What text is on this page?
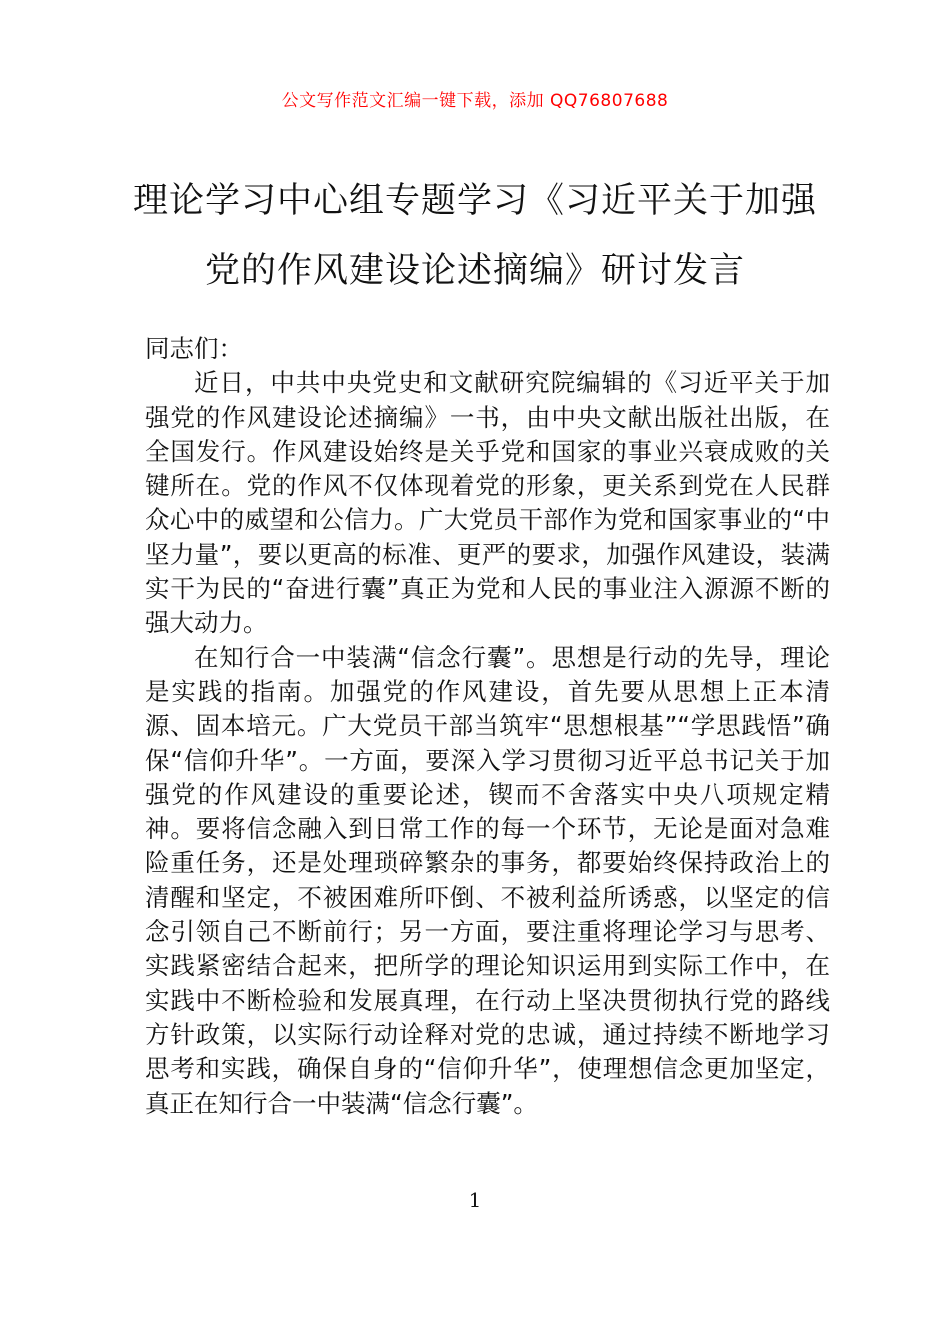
公文写作范文汇编一键下载，添加 QQ76807688
理论学习中心组专题学习《习近平关于加强党的作风建设论述摘编》研讨发言

同志们：

近日，中共中央党史和文献研究院编辑的《习近平关于加强党的作风建设论述摘编》一书，由中央文献出版社出版，在全国发行。作风建设始终是关乎党和国家的事业兴衰成败的关键所在。党的作风不仅体现着党的形象，更关系到党在人民群众心中的威望和公信力。广大党员干部作为党和国家事业的“中坚力量”，要以更高的标准、更严的要求，加强作风建设，装满实干为民的“奋进行囊”真正为党和人民的事业注入源源不断的强大动力。

在知行合一中装满“信念行囊”。思想是行动的先导，理论是实践的指南。加强党的作风建设，首先要从思想上正本清源、固本培元。广大党员干部当筑牢“思想根基”“学思践悟”确保“信仰升华”。一方面，要深入学习贯彻习近平总书记关于加强党的作风建设的重要论述，锲而不舍落实中央八项规定精神。要将信念融入到日常工作的每一个环节，无论是面对急难险重任务，还是处理琐碎繁杂的事务，都要始终保持政治上的清醒和坚定，不被困难所吓倒、不被利益所诱惑，以坚定的信念引领自己不断前行；另一方面，要注重将理论学习与思考、实践紧密结合起来，把所学的理论知识运用到实际工作中，在实践中不断检验和发展真理，在行动上坚决贯彻执行党的路线方针政策，以实际行动诠释对党的忠诚，通过持续不断地学习思考和实践，确保自身的“信仰升华”，使理想信念更加坚定，真正在知行合一中装满“信念行囊”。

1
